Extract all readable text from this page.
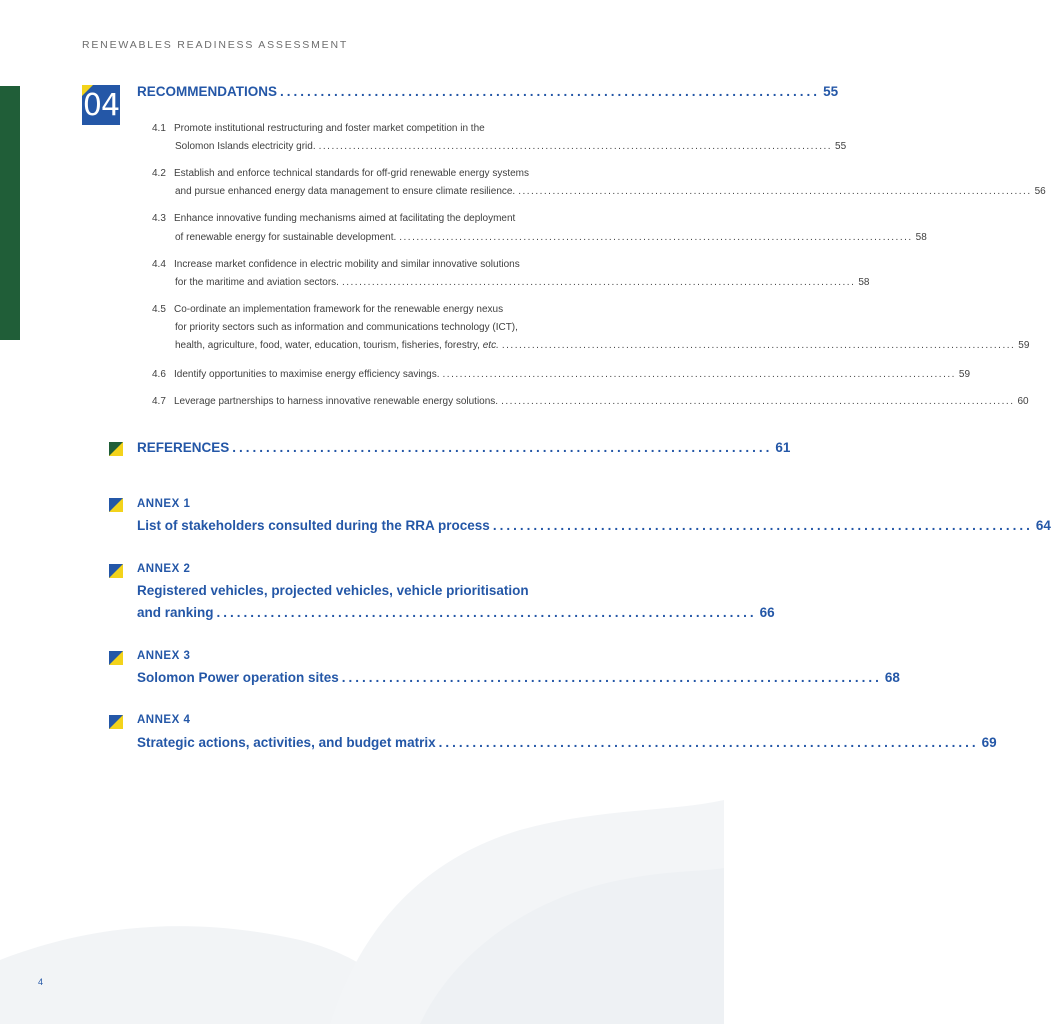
RENEWABLES READINESS ASSESSMENT
04 RECOMMENDATIONS ................................................................................ 55
4.1 Promote institutional restructuring and foster market competition in the
Solomon Islands electricity grid. ........................................................................................................................ 55
4.2 Establish and enforce technical standards for off-grid renewable energy systems
and pursue enhanced energy data management to ensure climate resilience. ........................................................................................................................ 56
4.3 Enhance innovative funding mechanisms aimed at facilitating the deployment
of renewable energy for sustainable development. ........................................................................................................................ 58
4.4 Increase market confidence in electric mobility and similar innovative solutions
for the maritime and aviation sectors. ........................................................................................................................ 58
4.5 Co-ordinate an implementation framework for the renewable energy nexus
for priority sectors such as information and communications technology (ICT),
health, agriculture, food, water, education, tourism, fisheries, forestry, etc. ........................................................................................................................ 59
4.6 Identify opportunities to maximise energy efficiency savings. ........................................................................................................................ 59
4.7 Leverage partnerships to harness innovative renewable energy solutions. ........................................................................................................................ 60
REFERENCES ................................................................................ 61
ANNEX 1
List of stakeholders consulted during the RRA process ................................................................................ 64
ANNEX 2
Registered vehicles, projected vehicles, vehicle prioritisation
and ranking ................................................................................ 66
ANNEX 3
Solomon Power operation sites ................................................................................ 68
ANNEX 4
Strategic actions, activities, and budget matrix ................................................................................ 69
4
